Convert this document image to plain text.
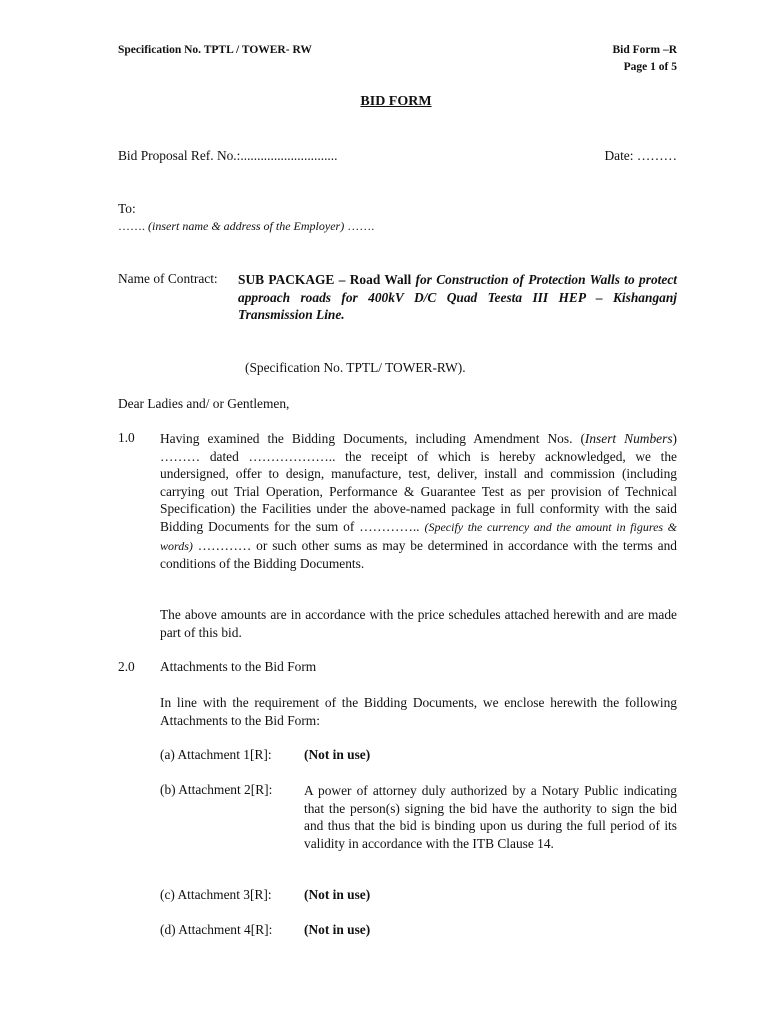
Specification No. TPTL / TOWER- RW	Bid Form –R
Page 1 of 5
BID FORM
Bid Proposal Ref. No.:.............................	Date: ………
To:
……. (insert name & address of the Employer) …….
Name of Contract: SUB PACKAGE – Road Wall for Construction of Protection Walls to protect approach roads for 400kV D/C Quad Teesta III HEP – Kishanganj Transmission Line.
(Specification No. TPTL/ TOWER-RW).
Dear Ladies and/ or Gentlemen,
1.0 Having examined the Bidding Documents, including Amendment Nos. (Insert Numbers) ……… dated ……………….. the receipt of which is hereby acknowledged, we the undersigned, offer to design, manufacture, test, deliver, install and commission (including carrying out Trial Operation, Performance & Guarantee Test as per provision of Technical Specification) the Facilities under the above-named package in full conformity with the said Bidding Documents for the sum of ………….. (Specify the currency and the amount in figures & words) ………… or such other sums as may be determined in accordance with the terms and conditions of the Bidding Documents.
The above amounts are in accordance with the price schedules attached herewith and are made part of this bid.
2.0 Attachments to the Bid Form
In line with the requirement of the Bidding Documents, we enclose herewith the following Attachments to the Bid Form:
(a) Attachment 1[R]: (Not in use)
(b) Attachment 2[R]: A power of attorney duly authorized by a Notary Public indicating that the person(s) signing the bid have the authority to sign the bid and thus that the bid is binding upon us during the full period of its validity in accordance with the ITB Clause 14.
(c) Attachment 3[R]: (Not in use)
(d) Attachment 4[R]: (Not in use)
